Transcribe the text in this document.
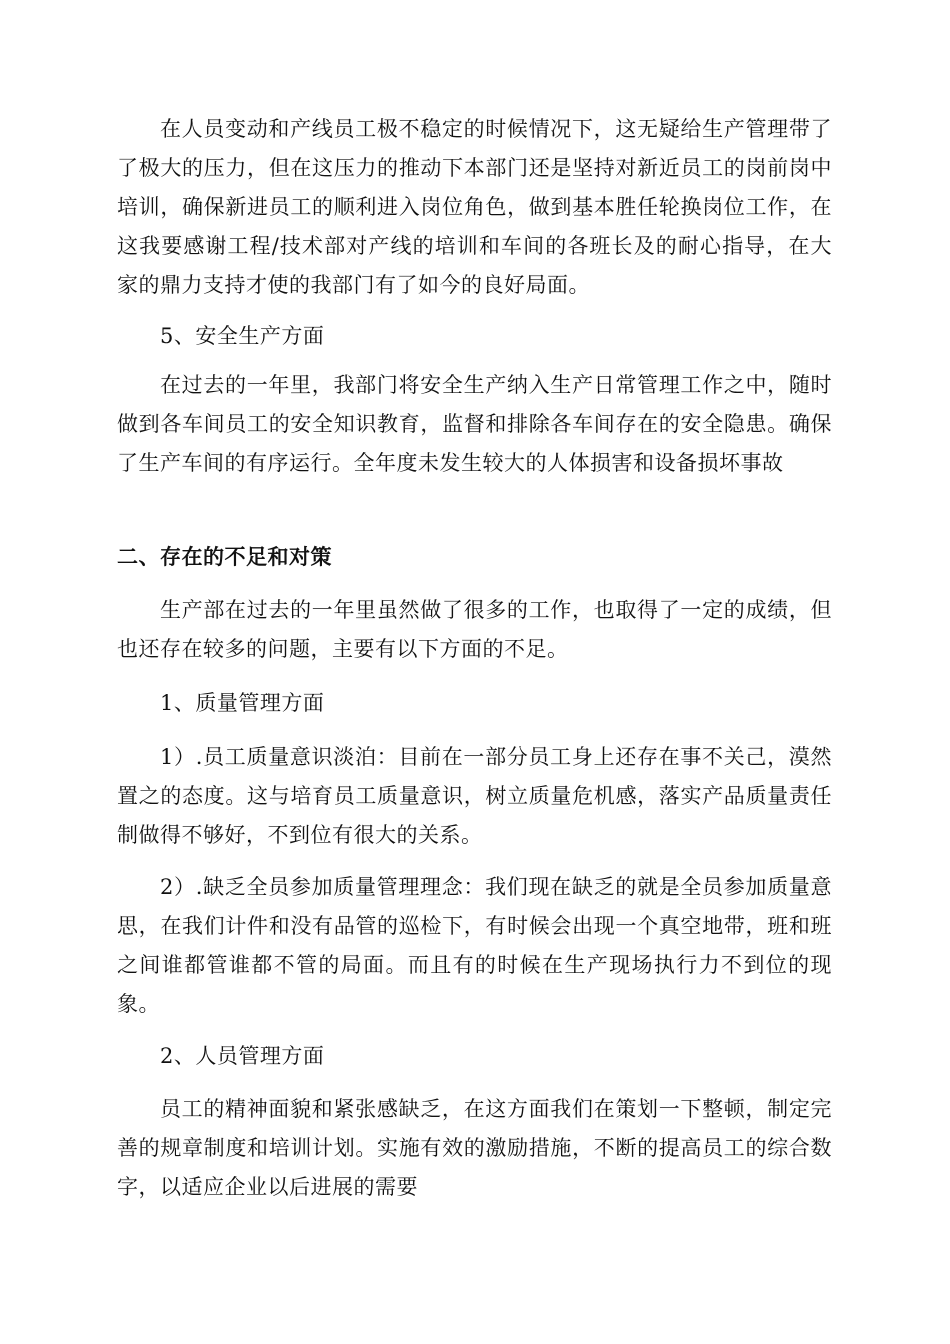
在人员变动和产线员工极不稳定的时候情况下，这无疑给生产管理带了了极大的压力，但在这压力的推动下本部门还是坚持对新近员工的岗前岗中培训，确保新进员工的顺利进入岗位角色，做到基本胜任轮换岗位工作，在这我要感谢工程/技术部对产线的培训和车间的各班长及的耐心指导，在大家的鼎力支持才使的我部门有了如今的良好局面。

5、安全生产方面

在过去的一年里，我部门将安全生产纳入生产日常管理工作之中，随时做到各车间员工的安全知识教育，监督和排除各车间存在的安全隐患。确保了生产车间的有序运行。全年度未发生较大的人体损害和设备损坏事故

二、存在的不足和对策

生产部在过去的一年里虽然做了很多的工作，也取得了一定的成绩，但也还存在较多的问题，主要有以下方面的不足。

1、质量管理方面

1）.员工质量意识淡泊：目前在一部分员工身上还存在事不关己，漠然置之的态度。这与培育员工质量意识，树立质量危机感，落实产品质量责任制做得不够好，不到位有很大的关系。

2）.缺乏全员参加质量管理理念：我们现在缺乏的就是全员参加质量意思，在我们计件和没有品管的巡检下，有时候会出现一个真空地带，班和班之间谁都管谁都不管的局面。而且有的时候在生产现场执行力不到位的现象。

2、人员管理方面

员工的精神面貌和紧张感缺乏，在这方面我们在策划一下整顿，制定完善的规章制度和培训计划。实施有效的激励措施，不断的提高员工的综合数字，以适应企业以后进展的需要
